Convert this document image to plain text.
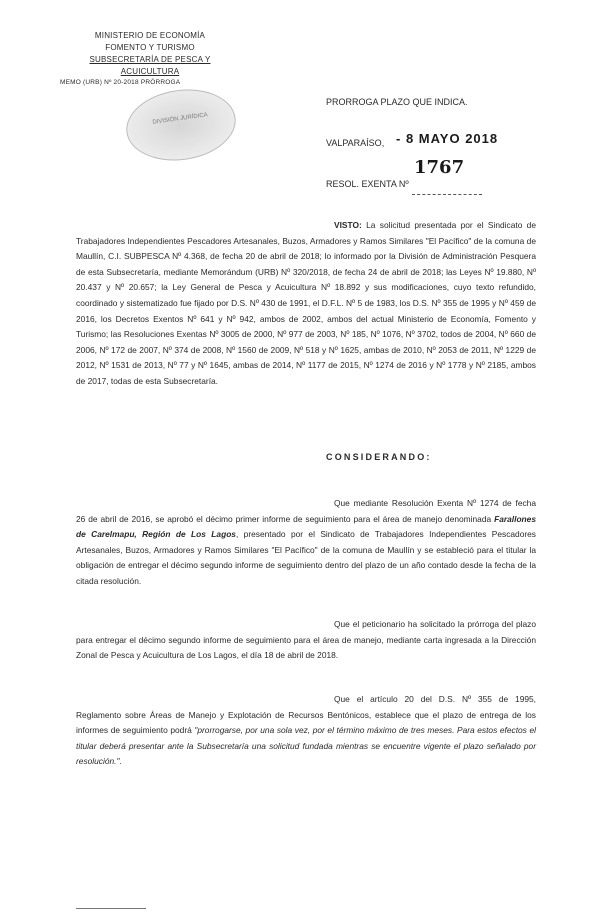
MINISTERIO DE ECONOMÍA
FOMENTO Y TURISMO
SUBSECRETARÍA DE PESCA Y ACUICULTURA
MEMO (URB) Nº 20-2018 PRÓRROGA
DIVISIÓN JURÍDICA
PRORROGA PLAZO QUE INDICA.
VALPARAÍSO, - 8 MAYO 2018
RESOL. EXENTA Nº
1767
VISTO: La solicitud presentada por el Sindicato de Trabajadores Independientes Pescadores Artesanales, Buzos, Armadores y Ramos Similares "El Pacífico" de la comuna de Maullín, C.I. SUBPESCA Nº 4.368, de fecha 20 de abril de 2018; lo informado por la División de Administración Pesquera de esta Subsecretaría, mediante Memorándum (URB) Nº 320/2018, de fecha 24 de abril de 2018; las Leyes Nº 19.880, Nº 20.437 y Nº 20.657; la Ley General de Pesca y Acuicultura Nº 18.892 y sus modificaciones, cuyo texto refundido, coordinado y sistematizado fue fijado por D.S. Nº 430 de 1991, el D.F.L. Nº 5 de 1983, los D.S. Nº 355 de 1995 y Nº 459 de 2016, los Decretos Exentos Nº 641 y Nº 942, ambos de 2002, ambos del actual Ministerio de Economía, Fomento y Turismo; las Resoluciones Exentas Nº 3005 de 2000, Nº 977 de 2003, Nº 185, Nº 1076, Nº 3702, todos de 2004, Nº 660 de 2006, Nº 172 de 2007, Nº 374 de 2008, Nº 1560 de 2009, Nº 518 y Nº 1625, ambas de 2010, Nº 2053 de 2011, Nº 1229 de 2012, Nº 1531 de 2013, Nº 77 y Nº 1645, ambas de 2014, Nº 1177 de 2015, Nº 1274 de 2016 y Nº 1778 y Nº 2185, ambos de 2017, todas de esta Subsecretaría.
CONSIDERANDO:
Que mediante Resolución Exenta Nº 1274 de fecha 26 de abril de 2016, se aprobó el décimo primer informe de seguimiento para el área de manejo denominada Farallones de Carelmapu, Región de Los Lagos, presentado por el Sindicato de Trabajadores Independientes Pescadores Artesanales, Buzos, Armadores y Ramos Similares "El Pacífico" de la comuna de Maullín y se estableció para el titular la obligación de entregar el décimo segundo informe de seguimiento dentro del plazo de un año contado desde la fecha de la citada resolución.
Que el peticionario ha solicitado la prórroga del plazo para entregar el décimo segundo informe de seguimiento para el área de manejo, mediante carta ingresada a la Dirección Zonal de Pesca y Acuicultura de Los Lagos, el día 18 de abril de 2018.
Que el artículo 20 del D.S. Nº 355 de 1995, Reglamento sobre Áreas de Manejo y Explotación de Recursos Bentónicos, establece que el plazo de entrega de los informes de seguimiento podrá "prorrogarse, por una sola vez, por el término máximo de tres meses. Para estos efectos el titular deberá presentar ante la Subsecretaría una solicitud fundada mientras se encuentre vigente el plazo señalado por resolución.".
